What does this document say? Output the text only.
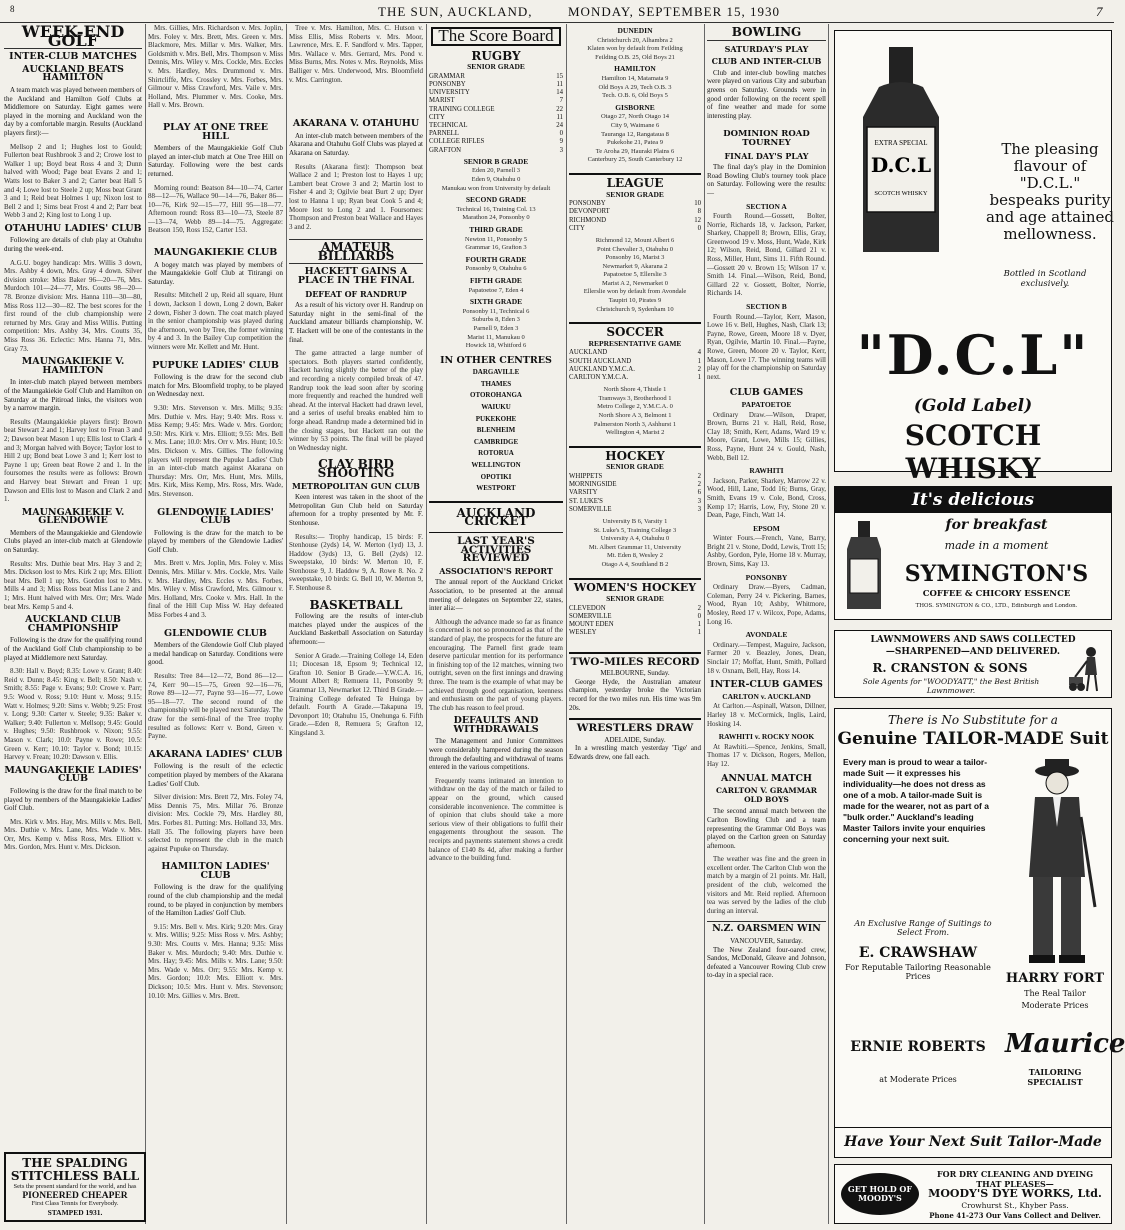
8	THE SUN, AUCKLAND,	MONDAY, SEPTEMBER 15, 1930	7
WEEK-END GOLF
INTER-CLUB MATCHES
AUCKLAND BEATS HAMILTON

A team match was played between members of the Auckland and Hamilton Golf Clubs at Middlemore on Saturday. Eight games were played in the morning and Auckland won the day by a comfortable margin. Results (Auckland players first):—

Mellsop 2 and 1; Hughes lost to Gould; Fullerton beat Rushbrook 3 and 2; Crowe lost to Walker 1 up; Boyd beat Ross 4 and 3; Dunn halved with Wood; Page beat Evans 2 and 1; Watts lost to Baker 3 and 2; Carter beat Hall 5 and 4; Lowe lost to Steele 2 up; Moss beat Grant 3 and 1; Reid beat Holmes 1 up; Nixon lost to Bell 2 and 1; Sims beat Frost 4 and 2; Parr beat Webb 3 and 2; King lost to Long 1 up.

OTAHUHU LADIES' CLUB

Following are details of club play at Otahuhu during the week-end.

A.G.U. bogey handicap: Mrs. Willis 3 down, Mrs. Ashby 4 down, Mrs. Gray 4 down. Silver division stroke: Miss Baker 96—20—76, Mrs. Murdoch 101—24—77, Mrs. Coutts 98—20—78. Bronze division: Mrs. Hanna 110—30—80, Miss Ross 112—30—82. The best scores for the first round of the club championship were returned by Mrs. Gray and Miss Willis. Putting competition: Mrs. Ashby 34, Mrs. Coutts 35, Miss Ross 36. Eclectic: Mrs. Hanna 71, Mrs. Gray 73.

MAUNGAKIEKIE V. HAMILTON

In inter-club match played between members of the Maungakiekie Golf Club and Hamilton on Saturday at the Pitiroad links, the visitors won by a narrow margin.

Results (Maungakiekie players first): Brown beat Stewart 2 and 1; Harvey lost to Frean 3 and 2; Dawson beat Mason 1 up; Ellis lost to Clark 4 and 3; Morgan halved with Boyce; Taylor lost to Hill 2 up; Bond beat Lowe 3 and 1; Kerr lost to Payne 1 up; Green beat Rowe 2 and 1. In the foursomes the results were as follows: Brown and Harvey beat Stewart and Frean 1 up; Dawson and Ellis lost to Mason and Clark 2 and 1.

MAUNGAKIEKIE V. GLENDOWIE

Members of the Maungakiekie and Glendowie Clubs played an inter-club match at Glendowie on Saturday.

Results: Mrs. Duthie beat Mrs. Hay 3 and 2; Mrs. Dickson lost to Mrs. Kirk 2 up; Mrs. Elliott beat Mrs. Bell 1 up; Mrs. Gordon lost to Mrs. Mills 4 and 3; Miss Ross beat Miss Lane 2 and 1; Mrs. Hunt halved with Mrs. Orr; Mrs. Wade beat Mrs. Kemp 5 and 4.

AUCKLAND CLUB CHAMPIONSHIP

Following is the draw for the qualifying round of the Auckland Golf Club championship to be played at Middlemore next Saturday.

8.30: Hall v. Boyd; 8.35: Lowe v. Grant; 8.40: Reid v. Dunn; 8.45: King v. Bell; 8.50: Nash v. Smith; 8.55: Page v. Evans; 9.0: Crowe v. Parr; 9.5: Wood v. Ross; 9.10: Hunt v. Moss; 9.15: Watt v. Holmes; 9.20: Sims v. Webb; 9.25: Frost v. Long; 9.30: Carter v. Steele; 9.35: Baker v. Walker; 9.40: Fullerton v. Mellsop; 9.45: Gould v. Hughes; 9.50: Rushbrook v. Nixon; 9.55: Mason v. Clark; 10.0: Payne v. Rowe; 10.5: Green v. Kerr; 10.10: Taylor v. Bond; 10.15: Harvey v. Frean; 10.20: Dawson v. Ellis.

MAUNGAKIEKIE LADIES' CLUB

Following is the draw for the final match to be played by members of the Maungakiekie Ladies' Golf Club.

Mrs. Kirk v. Mrs. Hay, Mrs. Mills v. Mrs. Bell, Mrs. Duthie v. Mrs. Lane, Mrs. Wade v. Mrs. Orr, Mrs. Kemp v. Miss Ross, Mrs. Elliott v. Mrs. Gordon, Mrs. Hunt v. Mrs. Dickson.

THE SPALDING STITCHLESS BALL
Sets the present standard for the world, and has
PIONEERED CHEAPER
First Class Tennis for Everybody.
STAMPED 1931.

Mrs. Gillies, Mrs. Richardson v. Mrs. Joplin, Mrs. Foley v. Mrs. Brett, Mrs. Green v. Mrs. Blackmore, Mrs. Millar v. Mrs. Walker, Mrs. Goldsmith v. Mrs. Bell, Mrs. Thompson v. Miss Dennis, Mrs. Wiley v. Mrs. Cockle, Mrs. Eccles v. Mrs. Hardley, Mrs. Drummond v. Mrs. Shirtcliffe, Mrs. Crossley v. Mrs. Forbes, Mrs. Gilmour v. Miss Crawford, Mrs. Vaile v. Mrs. Holland, Mrs. Plummer v. Mrs. Cooke, Mrs. Hall v. Mrs. Brown.

PLAY AT ONE TREE HILL

Members of the Maungakiekie Golf Club played an inter-club match at One Tree Hill on Saturday. Following were the best cards returned.

Morning round: Beatson 84—10—74, Carter 88—12—76, Wallace 90—14—76, Baker 86—10—76, Kirk 92—15—77, Hill 95—18—77. Afternoon round: Ross 83—10—73, Steele 87—13—74, Webb 89—14—75. Aggregate: Beatson 150, Ross 152, Carter 153.

MAUNGAKIEKIE CLUB

A bogey match was played by members of the Maungakiekie Golf Club at Titirangi on Saturday.

Results: Mitchell 2 up, Reid all square, Hunt 1 down, Jackson 1 down, Long 2 down, Baker 2 down, Fisher 3 down. The coat match played in the senior championship was played during the afternoon, won by Tree, the former winning by 4 and 3. In the Bailey Cup competition the winners were Mr. Kellett and Mr. Hunt.

PUPUKE LADIES' CLUB

Following is the draw for the second club match for Mrs. Bloomfield trophy, to be played on Wednesday next.

9.30: Mrs. Stevenson v. Mrs. Mills; 9.35: Mrs. Duthie v. Mrs. Hay; 9.40: Mrs. Ross v. Miss Kemp; 9.45: Mrs. Wade v. Mrs. Gordon; 9.50: Mrs. Kirk v. Mrs. Elliott; 9.55: Mrs. Bell v. Mrs. Lane; 10.0: Mrs. Orr v. Mrs. Hunt; 10.5: Mrs. Dickson v. Mrs. Gillies. The following players will represent the Pupuke Ladies' Club in an inter-club match against Akarana on Thursday: Mrs. Orr, Mrs. Hunt, Mrs. Mills, Mrs. Kirk, Miss Kemp, Mrs. Ross, Mrs. Wade, Mrs. Stevenson.

GLENDOWIE LADIES' CLUB

Following is the draw for the match to be played by members of the Glendowie Ladies' Golf Club.

Mrs. Brett v. Mrs. Joplin, Mrs. Foley v. Miss Dennis, Mrs. Millar v. Mrs. Cockle, Mrs. Vaile v. Mrs. Hardley, Mrs. Eccles v. Mrs. Forbes, Mrs. Wiley v. Miss Crawford, Mrs. Gilmour v. Mrs. Holland, Mrs. Cooke v. Mrs. Hall. In the final of the Hill Cup Miss W. Hay defeated Miss Forbes 4 and 3.

GLENDOWIE CLUB

Members of the Glendowie Golf Club played a medal handicap on Saturday. Conditions were good.

Results: Tree 84—12—72, Bond 86—12—74, Kerr 90—15—75, Green 92—16—76, Rowe 89—12—77, Payne 93—16—77, Lowe 95—18—77. The second round of the championship will be played next Saturday. The draw for the semi-final of the Tree trophy resulted as follows: Kerr v. Bond, Green v. Payne.

AKARANA LADIES' CLUB

Following is the result of the eclectic competition played by members of the Akarana Ladies' Golf Club.

Silver division: Mrs. Brett 72, Mrs. Foley 74, Miss Dennis 75, Mrs. Millar 76. Bronze division: Mrs. Cockle 79, Mrs. Hardley 80, Mrs. Forbes 81. Putting: Mrs. Holland 33, Mrs. Hall 35. The following players have been selected to represent the club in the match against Pupuke on Thursday.

HAMILTON LADIES' CLUB

Following is the draw for the qualifying round of the club championship and the medal round, to be played in conjunction by members of the Hamilton Ladies' Golf Club.

9.15: Mrs. Bell v. Mrs. Kirk; 9.20: Mrs. Gray v. Mrs. Willis; 9.25: Miss Ross v. Mrs. Ashby; 9.30: Mrs. Coutts v. Mrs. Hanna; 9.35: Miss Baker v. Mrs. Murdoch; 9.40: Mrs. Duthie v. Mrs. Hay; 9.45: Mrs. Mills v. Mrs. Lane; 9.50: Mrs. Wade v. Mrs. Orr; 9.55: Mrs. Kemp v. Mrs. Gordon; 10.0: Mrs. Elliott v. Mrs. Dickson; 10.5: Mrs. Hunt v. Mrs. Stevenson; 10.10: Mrs. Gillies v. Mrs. Brett.

Tree v. Mrs. Hamilton, Mrs. C. Hutson v. Miss Ellis, Miss Roberts v. Mrs. Moor, Lawrence, Mrs. E. F. Sandford v. Mrs. Tapper, Mrs. Wallace v. Mrs. Gerrard, Mrs. Pond v. Miss Burns, Mrs. Notes v. Mrs. Reynolds, Miss Balliger v. Mrs. Underwood, Mrs. Bloomfield v. Mrs. Carrington.

AKARANA V. OTAHUHU

An inter-club match between members of the Akarana and Otahuhu Golf Clubs was played at Akarana on Saturday.

Results (Akarana first): Thompson beat Wallace 2 and 1; Preston lost to Hayes 1 up; Lambert beat Crowe 3 and 2; Martin lost to Fisher 4 and 3; Ogilvie beat Burt 2 up; Dyer lost to Hanna 1 up; Ryan beat Cook 5 and 4; Moore lost to Long 2 and 1. Foursomes: Thompson and Preston beat Wallace and Hayes 3 and 2.

AMATEUR BILLIARDS
HACKETT GAINS A PLACE IN THE FINAL
DEFEAT OF RANDRUP

As a result of his victory over H. Randrup on Saturday night in the semi-final of the Auckland amateur billiards championship, W. T. Hackett will be one of the contestants in the final.

The game attracted a large number of spectators. Both players started confidently, Hackett having slightly the better of the play and recording a nicely compiled break of 47. Randrup took the lead soon after by scoring more frequently and reached the hundred well ahead. At the interval Hackett had drawn level, and a series of useful breaks enabled him to forge ahead. Randrup made a determined bid in the closing stages, but Hackett ran out the winner by 53 points. The final will be played on Wednesday night.

CLAY BIRD SHOOTING
METROPOLITAN GUN CLUB

Keen interest was taken in the shoot of the Metropolitan Gun Club held on Saturday afternoon for a trophy presented by Mr. F. Stenhouse.

Results:— Trophy handicap, 15 birds: F. Stenhouse (2yds) 14, W. Merton (1yd) 13, J. Haddow (3yds) 13, G. Bell (2yds) 12. Sweepstake, 10 birds: W. Merton 10, F. Stenhouse 9, J. Haddow 9, A. Rowe 8. No. 2 sweepstake, 10 birds: G. Bell 10, W. Merton 9, F. Stenhouse 8.

BASKETBALL

Following are the results of inter-club matches played under the auspices of the Auckland Basketball Association on Saturday afternoon:—

Senior A Grade.—Training College 14, Eden 11; Diocesan 18, Epsom 9; Technical 12, Grafton 10. Senior B Grade.—Y.W.C.A. 16, Mount Albert 8; Remuera 11, Ponsonby 9; Grammar 13, Newmarket 12. Third B Grade.—Training College defeated Te Huinga by default. Fourth A Grade.—Takapuna 19, Devonport 10; Otahuhu 15, Onehunga 6. Fifth Grade.—Eden 8, Remuera 5; Grafton 12, Kingsland 3.

The Score Board
RUGBY
SENIOR GRADE
GRAMMAR	15
PONSONBY	11
UNIVERSITY	14
MARIST	7
TRAINING COLLEGE	22
CITY	11
TECHNICAL	24
PARNELL	0
COLLEGE RIFLES	9
GRAFTON	3
SENIOR B GRADE

Eden 20, Parnell 3
Eden 9, Otahuhu 0
Manukau won from University by default

SECOND GRADE

Technical 16, Training Col. 13
Marathon 24, Ponsonby 0

THIRD GRADE

Newton 11, Ponsonby 5
Grammar 16, Grafton 3

FOURTH GRADE

Ponsonby 9, Otahuhu 6

FIFTH GRADE

Papatoetoe 7, Eden 4

SIXTH GRADE

Ponsonby 11, Technical 6
Suburbs 8, Eden 3
Parnell 9, Eden 3
Marist 11, Manukau 0
Howick 18, Whitford 6

IN OTHER CENTRES
DARGAVILLE
THAMES
OTOROHANGA
WAIUKU
PUKEKOHE
BLENHEIM
CAMBRIDGE
ROTORUA
WELLINGTON
OPOTIKI
WESTPORT
AUCKLAND CRICKET
LAST YEAR'S ACTIVITIES REVIEWED
ASSOCIATION'S REPORT

The annual report of the Auckland Cricket Association, to be presented at the annual meeting of delegates on September 22, states, inter alia:—

Although the advance made so far as finance is concerned is not so pronounced as that of the standard of play, the prospects for the future are encouraging. The Parnell first grade team deserve particular mention for its performance in finishing top of the 12 matches, winning two outright, seven on the first innings and drawing three. The team is the example of what may be achieved through good organisation, keenness and enthusiasm on the part of young players. The club has reason to feel proud.

DEFAULTS AND WITHDRAWALS

The Management and Junior Committees were considerably hampered during the season through the defaulting and withdrawal of teams entered in the various competitions.

Frequently teams intimated an intention to withdraw on the day of the match or failed to appear on the ground, which caused considerable inconvenience. The committee is of opinion that clubs should take a more serious view of their obligations to fulfil their engagements throughout the season. The receipts and payments statement shows a credit balance of £140 8s 4d, after making a further advance to the building fund.

DUNEDIN

Christchurch 20, Alhambra 2
Klaten won by default from Feilding
Feilding O.B. 25, Old Boys 21

HAMILTON

Hamilton 14, Matamata 9
Old Boys A 29, Tech O.B. 3
Tech. O.B. 6, Old Boys 5

GISBORNE

Otago 27, North Otago 14
City 9, Waimane 6
Tauranga 12, Rangataua 8
Pukekohe 21, Patea 9
Te Aroha 29, Hauraki Plains 6
Canterbury 25, South Canterbury 12

LEAGUE
SENIOR GRADE
PONSONBY	10
DEVONPORT	8
RICHMOND	12
CITY	0

Richmond 12, Mount Albert 6
Point Chevalier 3, Otahuhu 0
Ponsonby 16, Marist 3
Newmarket 9, Akarana 2
Papatoetoe 5, Ellerslie 3
Marist A 2, Newmarket 0
Ellerslie won by default from Avondale
Taupiri 10, Pirates 9
Christchurch 9, Sydenham 10

SOCCER
REPRESENTATIVE GAME
AUCKLAND	4
SOUTH AUCKLAND	1
AUCKLAND Y.M.C.A.	2
CARLTON Y.M.C.A.	1

North Shore 4, Thistle 1
Tramways 3, Brotherhood 1
Metro College 2, Y.M.C.A. 0
North Shore A 3, Belmont 1
Palmerston North 3, Ashhurst 1
Wellington 4, Marist 2

HOCKEY
SENIOR GRADE
WHIPPETS	2
MORNINGSIDE	2
VARSITY	6
ST. LUKE'S	3
SOMERVILLE	3

University B 6, Varsity 1
St. Luke's 5, Training College 3
University A 4, Otahuhu 0
Mt. Albert Grammar 11, University
Mt. Eden 8, Wesley 2
Otago A 4, Southland B 2

WOMEN'S HOCKEY
SENIOR GRADE
CLEVEDON	2
SOMERVILLE	0
MOUNT EDEN	1
WESLEY	1
TWO-MILES RECORD
MELBOURNE, Sunday.

George Hyde, the Australian amateur champion, yesterday broke the Victorian record for the two miles run. His time was 9m 20s.

WRESTLERS DRAW
ADELAIDE, Sunday.

In a wrestling match yesterday 'Tige' and Edwards drew, one fall each.

BOWLING
SATURDAY'S PLAY
CLUB AND INTER-CLUB

Club and inter-club bowling matches were played on various City and suburban greens on Saturday. Grounds were in good order following on the recent spell of fine weather and made for some interesting play.

DOMINION ROAD TOURNEY
FINAL DAY'S PLAY

The final day's play in the Dominion Road Bowling Club's tourney took place on Saturday. Following were the results:—

SECTION A

Fourth Round.—Gossett, Bolter, Norrie, Richards 18, v. Jackson, Parker, Sharkey, Chappell 8; Brown, Ellis, Gray, Greenwood 19 v. Moss, Hunt, Wade, Kirk 12; Wilson, Reid, Bond, Gillard 21 v. Ross, Miller, Hunt, Sims 11. Fifth Round.—Gossett 20 v. Brown 15; Wilson 17 v. Smith 14. Final.—Wilson, Reid, Bond, Gillard 22 v. Gossett, Bolter, Norrie, Richards 14.

SECTION B

Fourth Round.—Taylor, Kerr, Mason, Lowe 16 v. Bell, Hughes, Nash, Clark 13; Payne, Rowe, Green, Moore 18 v. Dyer, Ryan, Ogilvie, Martin 10. Final.—Payne, Rowe, Green, Moore 20 v. Taylor, Kerr, Mason, Lowe 17. The winning teams will play off for the championship on Saturday next.

CLUB GAMES
PAPATOETOE

Ordinary Draw.—Wilson, Draper, Brown, Burns 21 v. Hall, Reid, Rose, Clay 18; Smith, Kerr, Adams, Ward 19 v. Moore, Grant, Lowe, Mills 15; Gillies, Ross, Payne, Hunt 24 v. Gould, Nash, Webb, Bell 12.

RAWHITI

Jackson, Parker, Sharkey, Marrow 22 v. Wood, Hill, Lane, Todd 16; Burns, Gray, Smith, Evans 19 v. Cole, Bond, Cross, Kemp 17; Harris, Low, Fry, Stone 20 v. Dean, Page, Finch, Watt 14.

EPSOM

Winter Fours.—French, Vane, Barry, Bright 21 v. Stone, Dodd, Lewis, Trott 15; Ashby, Gordon, Pyle, Horne 18 v. Murray, Brown, Sims, Kay 13.

PONSONBY

Ordinary Draw.—Byers, Cadman, Coleman, Perry 24 v. Pickering, Barnes, Wood, Ryan 10; Ashby, Whitmore, Mosley, Reed 17 v. Wilcox, Pope, Adams, Long 16.

AVONDALE

Ordinary.—Tempest, Maguire, Jackson, Farmer 20 v. Beazley, Jones, Dean, Sinclair 17; Moffat, Hunt, Smith, Pollard 18 v. Oxnam, Bell, Hay, Ross 14.

INTER-CLUB GAMES
CARLTON v. AUCKLAND

At Carlton.—Aspinall, Watson, Dillner, Harley 18 v. McCormick, Inglis, Laird, Hosking 14.

RAWHITI v. ROCKY NOOK

At Rawhiti.—Spence, Jenkins, Small, Thomas 17 v. Dickson, Rogers, Mellon, Hay 12.

ANNUAL MATCH
CARLTON V. GRAMMAR OLD BOYS

The second annual match between the Carlton Bowling Club and a team representing the Grammar Old Boys was played on the Carlton green on Saturday afternoon.

The weather was fine and the green in excellent order. The Carlton Club won the match by a margin of 21 points. Mr. Hall, president of the club, welcomed the visitors and Mr. Reid replied. Afternoon tea was served by the ladies of the club during an interval.

N.Z. OARSMEN WIN
VANCOUVER, Saturday.

The New Zealand four-oared crew, Sandos, McDonald, Gleave and Johnson, defeated a Vancouver Rowing Club crew to-day in a special race.

EXTRA SPECIAL
D.C.L
SCOTCH WHISKY
The pleasing flavour of "D.C.L." bespeaks purity and age attained mellowness.
Bottled in Scotland exclusively.
"D.C.L"
(Gold Label)
SCOTCH WHISKY
It's delicious
for breakfast
made in a moment
SYMINGTON'S
COFFEE & CHICORY ESSENCE
THOS. SYMINGTON & CO., LTD., Edinburgh and London.
LAWNMOWERS AND SAWS COLLECTED
—SHARPENED—AND DELIVERED.
R. CRANSTON & SONS
Sole Agents for "WOODYATT," the Best British Lawnmower.
There is No Substitute for a
Genuine TAILOR-MADE Suit
Every man is proud to wear a tailor-made Suit — it expresses his individuality—he does not dress as one of a mob. A tailor-made Suit is made for the wearer, not as part of a "bulk order." Auckland's leading Master Tailors invite your enquiries concerning your next suit.
An Exclusive Range of Suitings to Select From.
E. CRAWSHAW
For Reputable Tailoring Reasonable Prices	HARRY FORT
The Real Tailor
Moderate Prices
ERNIE ROBERTS
at Moderate Prices
Maurice
TAILORING SPECIALIST
Have Your Next Suit Tailor-Made
GET HOLD OF MOODY'S
FOR DRY CLEANING AND DYEING THAT PLEASES—
MOODY'S DYE WORKS, Ltd.
Crowhurst St., Khyber Pass.
Phone 41-273 Our Vans Collect and Deliver.
